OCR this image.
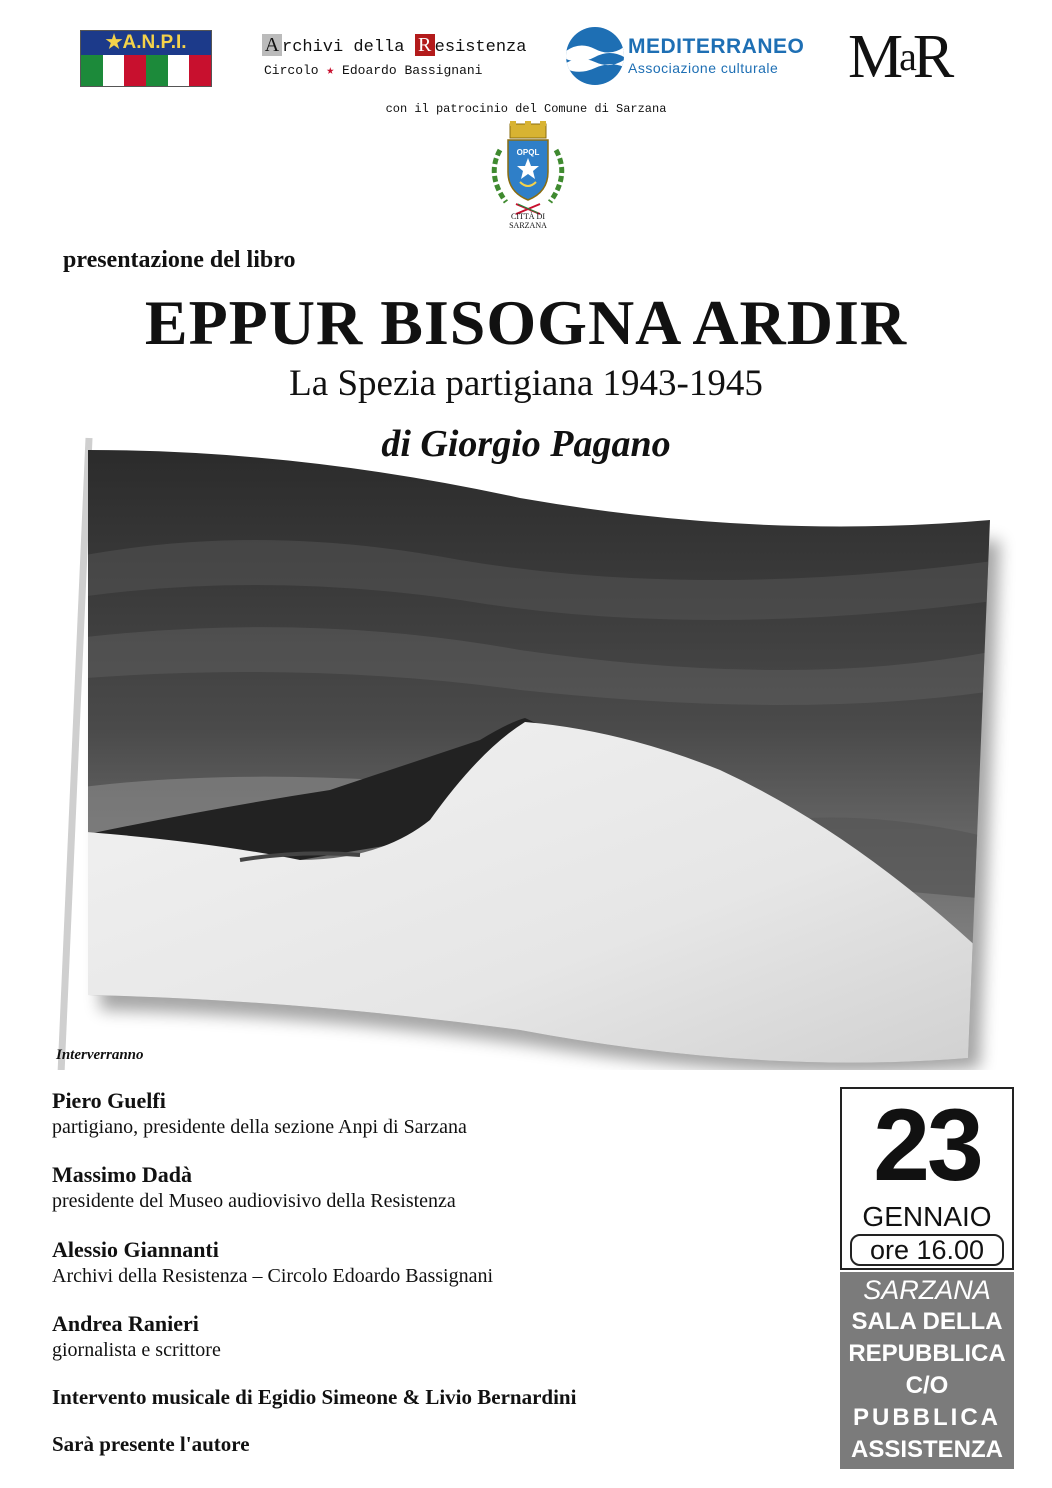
★A.N.P.I.	A rchivi della R esistenza
Circolo ★ Edoardo Bassignani
MEDITERRANEO
Associazione culturale $M^aR$
con il patrocinio del Comune di Sarzana
CITTÀ DI
SARZANA
OPQL
presentazione del libro
EPPUR BISOGNA ARDIR
La Spezia partigiana 1943-1945
di Giorgio Pagano
Interverranno
Piero Guelfi
partigiano, presidente della sezione Anpi di Sarzana
Massimo Dadà
presidente del Museo audiovisivo della Resistenza
Alessio Giannanti
Archivi della Resistenza – Circolo Edoardo Bassignani
Andrea Ranieri
giornalista e scrittore
Intervento musicale di Egidio Simeone & Livio Bernardini
Sarà presente l'autore
23
GENNAIO
ore 16.00
SARZANA
SALA DELLA
REPUBBLICA
C/O
PUBBLICA
ASSISTENZA
